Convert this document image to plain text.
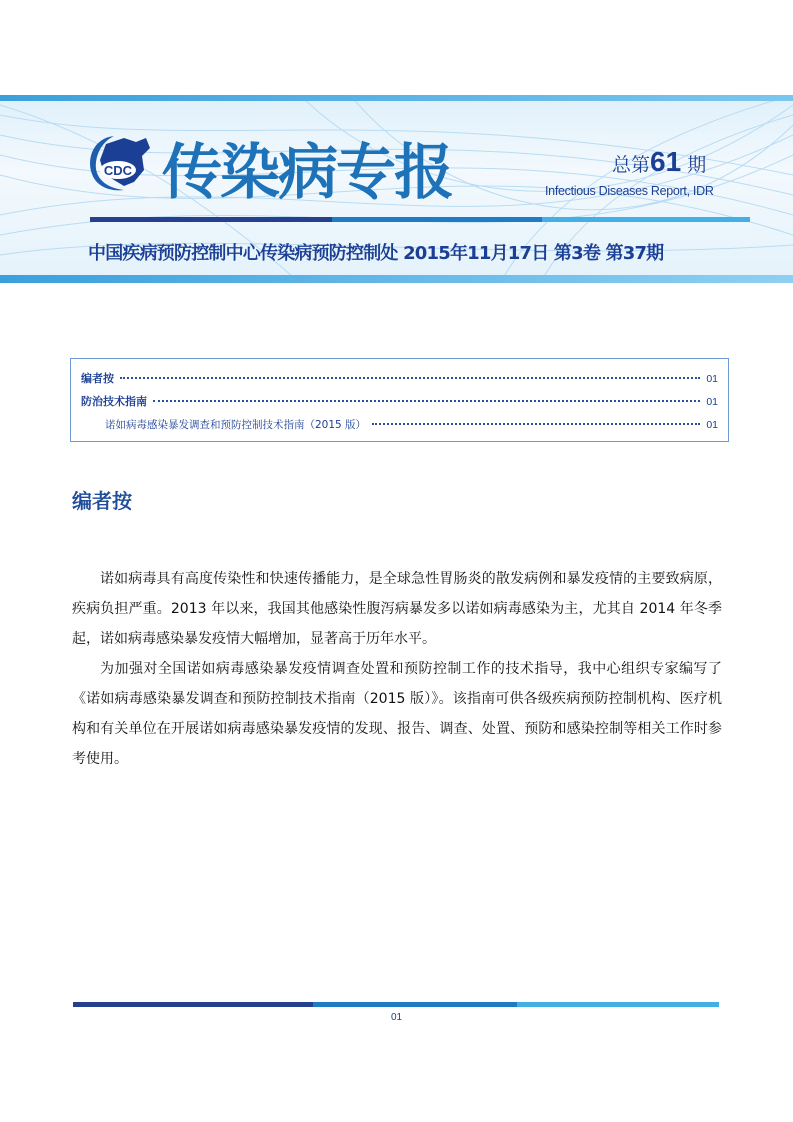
CDC 传染病专报	总第61 期
Infectious Diseases Report, IDR
中国疾病预防控制中心传染病预防控制处 2015年11月17日 第3卷 第37期
编者按	01
防治技术指南	01
诺如病毒感染暴发调查和预防控制技术指南（2015 版）	01
编者按

诺如病毒具有高度传染性和快速传播能力，是全球急性胃肠炎的散发病例和暴发疫情的主要致病原，疾病负担严重。2013 年以来，我国其他感染性腹泻病暴发多以诺如病毒感染为主，尤其自 2014 年冬季起，诺如病毒感染暴发疫情大幅增加，显著高于历年水平。

为加强对全国诺如病毒感染暴发疫情调查处置和预防控制工作的技术指导，我中心组织专家编写了《诺如病毒感染暴发调查和预防控制技术指南（2015 版）》。该指南可供各级疾病预防控制机构、医疗机构和有关单位在开展诺如病毒感染暴发疫情的发现、报告、调查、处置、预防和感染控制等相关工作时参考使用。

01
